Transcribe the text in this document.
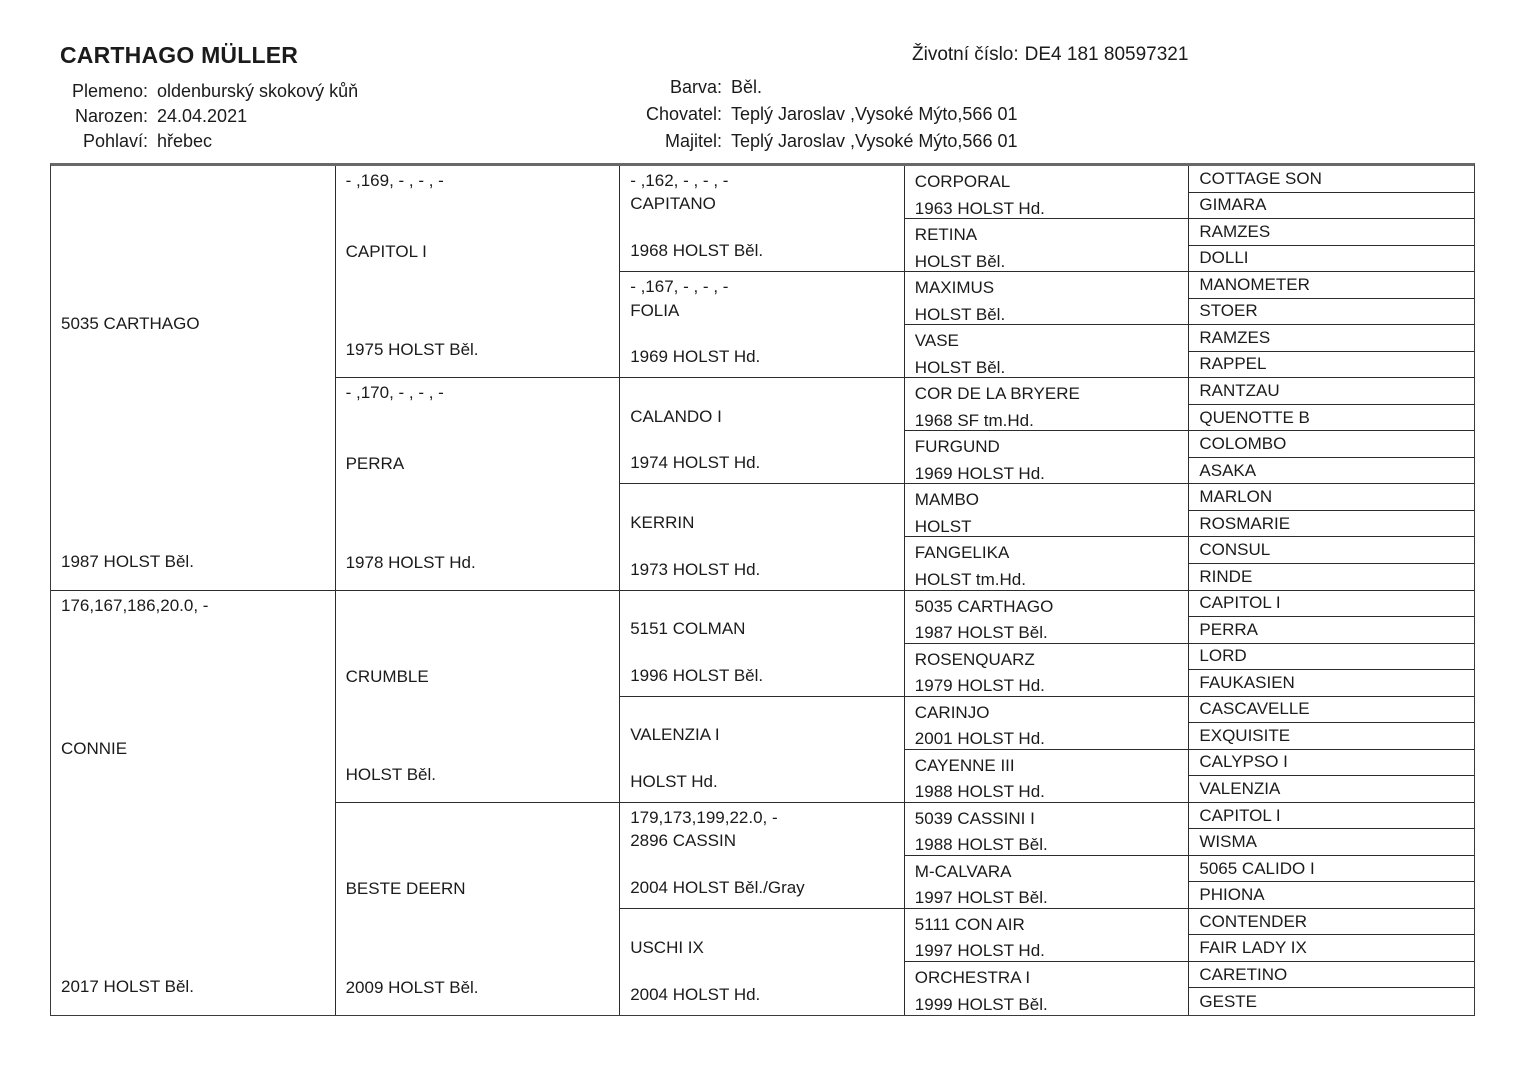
CARTHAGO MÜLLER	Životní číslo: DE4 181 80597321
Plemeno: oldenburský skokový kůň
Narozen: 24.04.2021
Pohlaví: hřebec
Barva: Běl.
Chovatel: Teplý Jaroslav ,Vysoké Mýto,566 01
Majitel: Teplý Jaroslav ,Vysoké Mýto,566 01
5035 CARTHAGO
1987 HOLST Běl.
176,167,186,20.0, -
CONNIE
2017 HOLST Běl.
- ,169, - , - , -
CAPITOL I
1975 HOLST Běl.
- ,170, - , - , -
PERRA
1978 HOLST Hd.
CRUMBLE
HOLST Běl.
BESTE DEERN
2009 HOLST Běl.
- ,162, - , - , -
CAPITANO
1968 HOLST Běl.
- ,167, - , - , -
FOLIA
1969 HOLST Hd.
CALANDO I
1974 HOLST Hd.
KERRIN
1973 HOLST Hd.
5151 COLMAN
1996 HOLST Běl.
VALENZIA I
HOLST Hd.
179,173,199,22.0, -
2896 CASSIN
2004 HOLST Běl./Gray
USCHI IX
2004 HOLST Hd.
CORPORAL
1963 HOLST Hd.
RETINA
HOLST Běl.
MAXIMUS
HOLST Běl.
VASE
HOLST Běl.
COR DE LA BRYERE
1968 SF tm.Hd.
FURGUND
1969 HOLST Hd.
MAMBO
HOLST
FANGELIKA
HOLST tm.Hd.
5035 CARTHAGO
1987 HOLST Běl.
ROSENQUARZ
1979 HOLST Hd.
CARINJO
2001 HOLST Hd.
CAYENNE III
1988 HOLST Hd.
5039 CASSINI I
1988 HOLST Běl.
M-CALVARA
1997 HOLST Běl.
5111 CON AIR
1997 HOLST Hd.
ORCHESTRA I
1999 HOLST Běl.
COTTAGE SON
GIMARA
RAMZES
DOLLI
MANOMETER
STOER
RAMZES
RAPPEL
RANTZAU
QUENOTTE B
COLOMBO
ASAKA
MARLON
ROSMARIE
CONSUL
RINDE
CAPITOL I
PERRA
LORD
FAUKASIEN
CASCAVELLE
EXQUISITE
CALYPSO I
VALENZIA
CAPITOL I
WISMA
5065 CALIDO I
PHIONA
CONTENDER
FAIR LADY IX
CARETINO
GESTE
